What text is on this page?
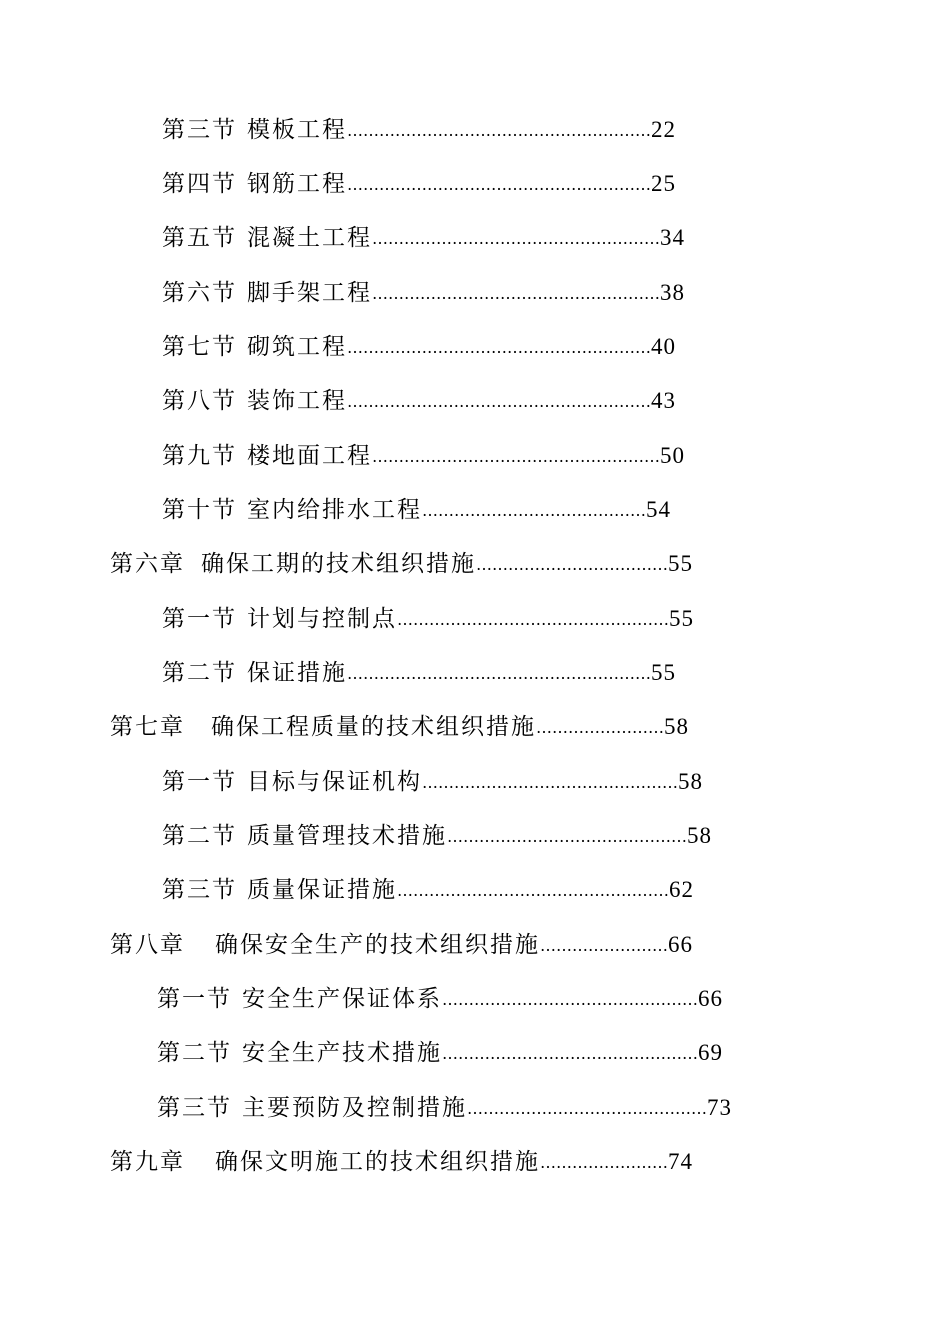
第三节 模板工程…………………………………………………22
第四节 钢筋工程…………………………………………………25
第五节 混凝土工程………………………………………………34
第六节 脚手架工程………………………………………………38
第七节 砌筑工程…………………………………………………40
第八节 装饰工程…………………………………………………43
第九节 楼地面工程………………………………………………50
第十节 室内给排水工程……………………………………54
第六章 确保工期的技术组织措施………………………………55
第一节 计划与控制点……………………………………………55
第二节 保证措施…………………………………………………55
第七章 确保工程质量的技术组织措施……………………58
第一节 目标与保证机构…………………………………………58
第二节 质量管理技术措施………………………………………58
第三节 质量保证措施……………………………………………62
第八章 确保安全生产的技术组织措施……………………66
第一节 安全生产保证体系…………………………………………66
第二节 安全生产技术措施…………………………………………69
第三节 主要预防及控制措施………………………………………73
第九章 确保文明施工的技术组织措施……………………74
